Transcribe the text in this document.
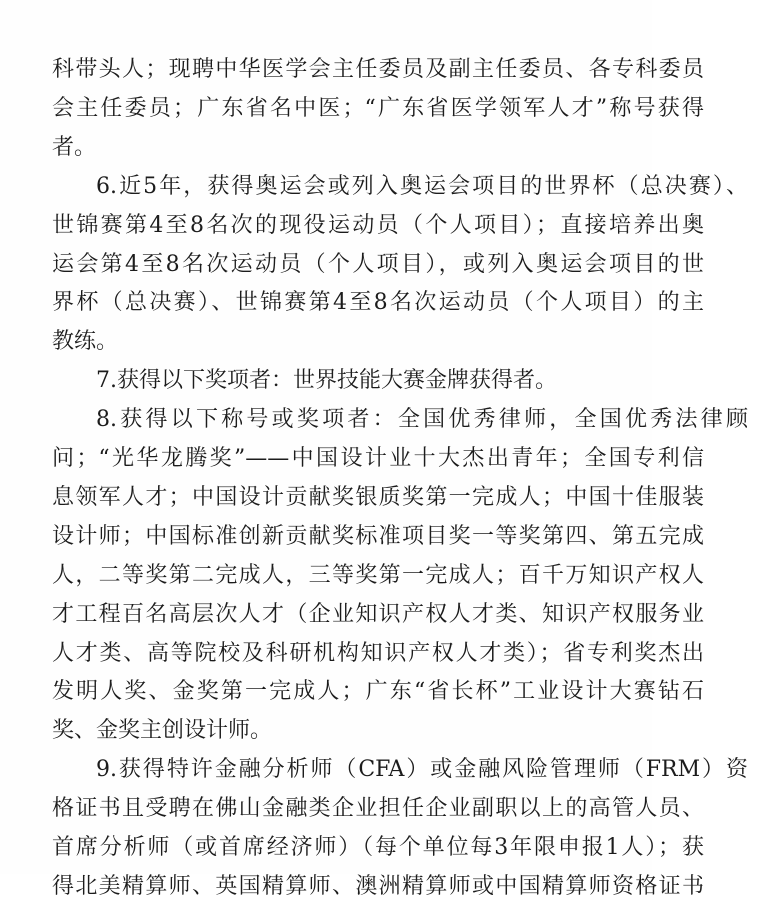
科带头人；现聘中华医学会主任委员及副主任委员、各专科委员
会主任委员；广东省名中医；“广东省医学领军人才”称号获得
者。
6.近5年，获得奥运会或列入奥运会项目的世界杯（总决赛）、
世锦赛第4至8名次的现役运动员（个人项目）；直接培养出奥
运会第4至8名次运动员（个人项目），或列入奥运会项目的世
界杯（总决赛）、世锦赛第4至8名次运动员（个人项目）的主
教练。
7.获得以下奖项者：世界技能大赛金牌获得者。
8.获得以下称号或奖项者：全国优秀律师，全国优秀法律顾
问；“光华龙腾奖”——中国设计业十大杰出青年；全国专利信
息领军人才；中国设计贡献奖银质奖第一完成人；中国十佳服装
设计师；中国标准创新贡献奖标准项目奖一等奖第四、第五完成
人，二等奖第二完成人，三等奖第一完成人；百千万知识产权人
才工程百名高层次人才（企业知识产权人才类、知识产权服务业
人才类、高等院校及科研机构知识产权人才类）；省专利奖杰出
发明人奖、金奖第一完成人；广东“省长杯”工业设计大赛钻石
奖、金奖主创设计师。
9.获得特许金融分析师（CFA）或金融风险管理师（FRM）资
格证书且受聘在佛山金融类企业担任企业副职以上的高管人员、
首席分析师（或首席经济师）（每个单位每3年限申报1人）；获
得北美精算师、英国精算师、澳洲精算师或中国精算师资格证书
